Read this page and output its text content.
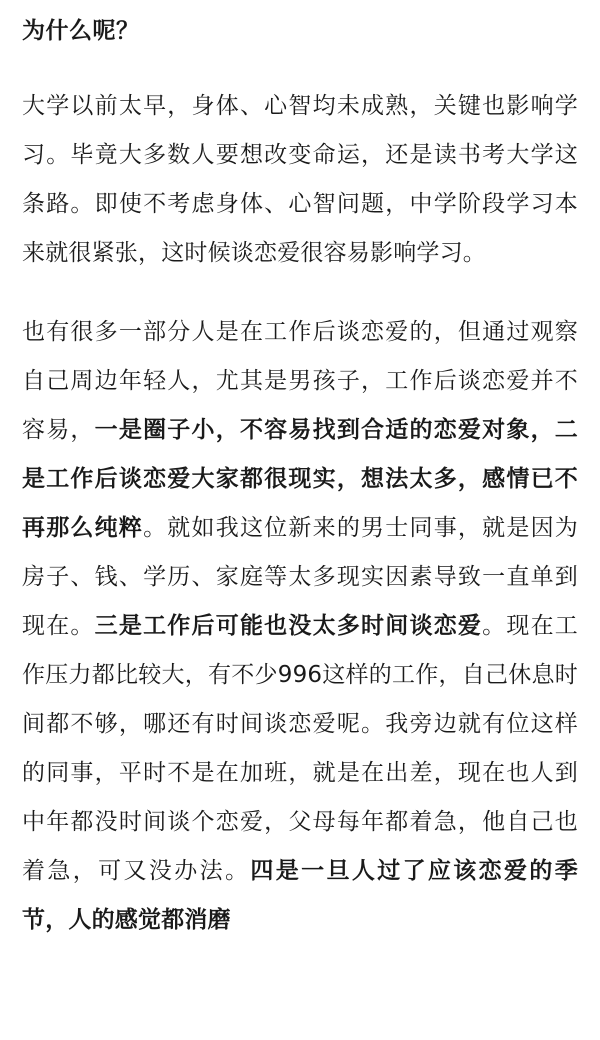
为什么呢？

大学以前太早，身体、心智均未成熟，关键也影响学习。毕竟大多数人要想改变命运，还是读书考大学这条路。即使不考虑身体、心智问题，中学阶段学习本来就很紧张，这时候谈恋爱很容易影响学习。

也有很多一部分人是在工作后谈恋爱的，但通过观察自己周边年轻人，尤其是男孩子，工作后谈恋爱并不容易，一是圈子小，不容易找到合适的恋爱对象，二是工作后谈恋爱大家都很现实，想法太多，感情已不再那么纯粹。就如我这位新来的男士同事，就是因为房子、钱、学历、家庭等太多现实因素导致一直单到现在。三是工作后可能也没太多时间谈恋爱。现在工作压力都比较大，有不少996这样的工作，自己休息时间都不够，哪还有时间谈恋爱呢。我旁边就有位这样的同事，平时不是在加班，就是在出差，现在也人到中年都没时间谈个恋爱，父母每年都着急，他自己也着急，可又没办法。四是一旦人过了应该恋爱的季节，人的感觉都消磨
